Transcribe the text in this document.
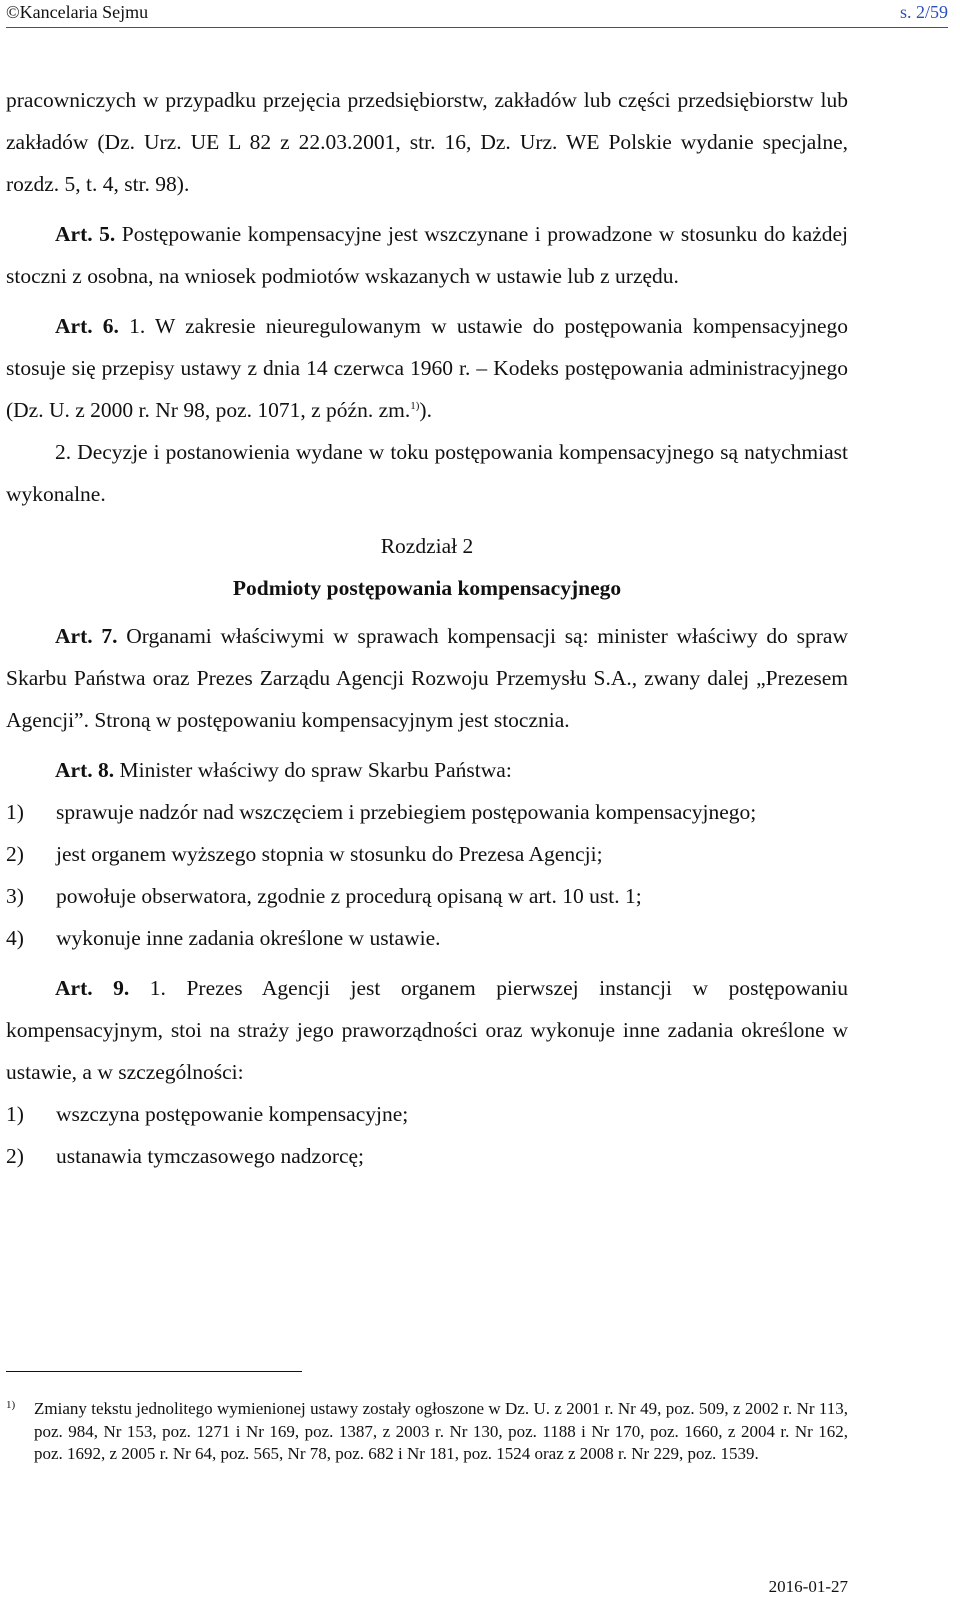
©Kancelaria Sejmu	s. 2/59

pracowniczych w przypadku przejęcia przedsiębiorstw, zakładów lub części przedsiębiorstw lub zakładów (Dz. Urz. UE L 82 z 22.03.2001, str. 16, Dz. Urz. WE Polskie wydanie specjalne, rozdz. 5, t. 4, str. 98).

Art. 5. Postępowanie kompensacyjne jest wszczynane i prowadzone w stosunku do każdej stoczni z osobna, na wniosek podmiotów wskazanych w ustawie lub z urzędu.

Art. 6. 1. W zakresie nieuregulowanym w ustawie do postępowania kompensacyjnego stosuje się przepisy ustawy z dnia 14 czerwca 1960 r. – Kodeks postępowania administracyjnego (Dz. U. z 2000 r. Nr 98, poz. 1071, z późn. zm.$^{1)}$).

2. Decyzje i postanowienia wydane w toku postępowania kompensacyjnego są natychmiast wykonalne.

Rozdział 2

Podmioty postępowania kompensacyjnego

Art. 7. Organami właściwymi w sprawach kompensacji są: minister właściwy do spraw Skarbu Państwa oraz Prezes Zarządu Agencji Rozwoju Przemysłu S.A., zwany dalej „Prezesem Agencji”. Stroną w postępowaniu kompensacyjnym jest stocznia.

Art. 8. Minister właściwy do spraw Skarbu Państwa:

1)	sprawuje nadzór nad wszczęciem i przebiegiem postępowania kompensacyjnego;
2)	jest organem wyższego stopnia w stosunku do Prezesa Agencji;
3)	powołuje obserwatora, zgodnie z procedurą opisaną w art. 10 ust. 1;
4)	wykonuje inne zadania określone w ustawie.

Art. 9. 1. Prezes Agencji jest organem pierwszej instancji w postępowaniu kompensacyjnym, stoi na straży jego praworządności oraz wykonuje inne zadania określone w ustawie, a w szczególności:

1)	wszczyna postępowanie kompensacyjne;
2)	ustanawia tymczasowego nadzorcę;
1)	Zmiany tekstu jednolitego wymienionej ustawy zostały ogłoszone w Dz. U. z 2001 r. Nr 49, poz. 509, z 2002 r. Nr 113, poz. 984, Nr 153, poz. 1271 i Nr 169, poz. 1387, z 2003 r. Nr 130, poz. 1188 i Nr 170, poz. 1660, z 2004 r. Nr 162, poz. 1692, z 2005 r. Nr 64, poz. 565, Nr 78, poz. 682 i Nr 181, poz. 1524 oraz z 2008 r. Nr 229, poz. 1539.
2016-01-27
